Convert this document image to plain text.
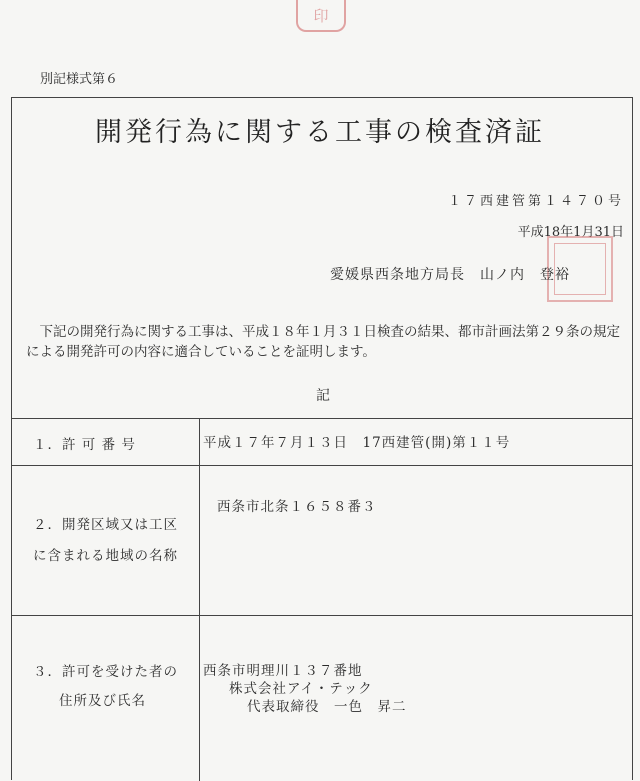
印
別記様式第６
開発行為に関する工事の検査済証
１７西建管第１４７０号
平成18年1月31日
愛媛県西条地方局長　山ノ内　登裕
下記の開発行為に関する工事は、平成１８年１月３１日検査の結果、都市計画法第２９条の規定による開発許可の内容に適合していることを証明します。
記
１．許 可 番 号	平成１７年７月１３日　17西建管(開)第１１号
２．開発区域又は工区
に含まれる地域の名称
西条市北条１６５８番３
３．許可を受けた者の
住所及び氏名
西条市明理川１３７番地
株式会社アイ・テック
代表取締役　一色　昇二
